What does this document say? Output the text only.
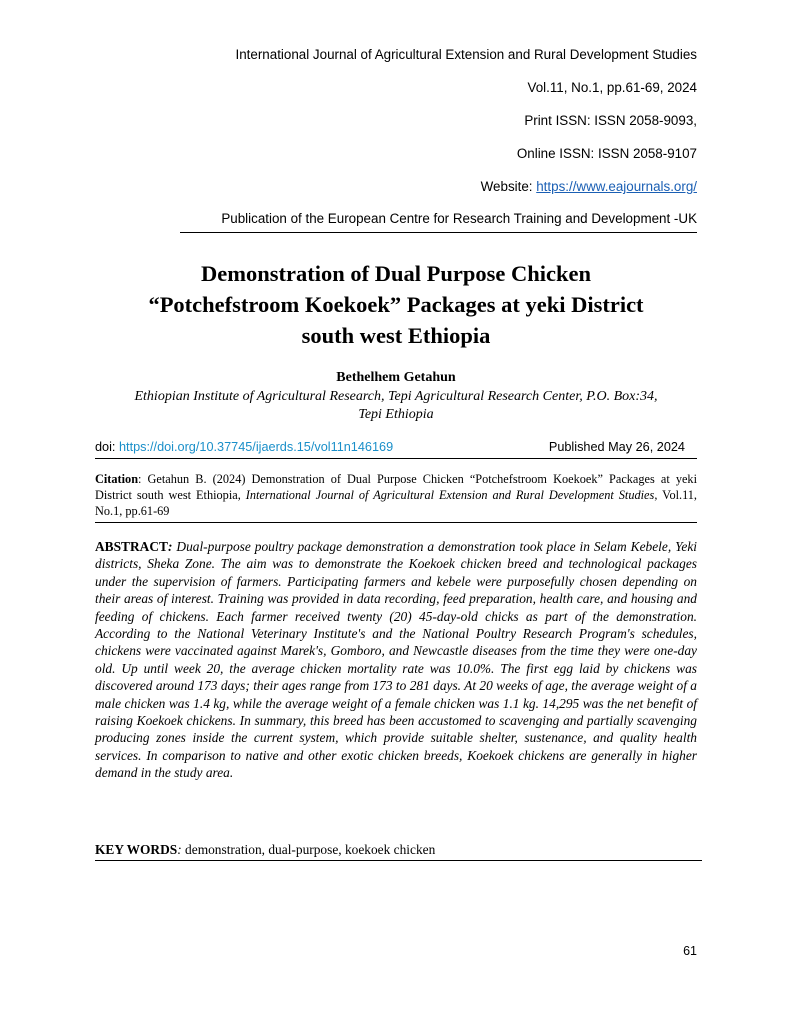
International Journal of Agricultural Extension and Rural Development Studies
Vol.11, No.1, pp.61-69, 2024
Print ISSN: ISSN 2058-9093,
Online ISSN: ISSN 2058-9107
Website: https://www.eajournals.org/
Publication of the European Centre for Research Training and Development -UK
Demonstration of Dual Purpose Chicken
“Potchefstroom Koekoek” Packages at yeki District
south west Ethiopia
Bethelhem Getahun
Ethiopian Institute of Agricultural Research, Tepi Agricultural Research Center, P.O. Box:34,
Tepi Ethiopia
doi: https://doi.org/10.37745/ijaerds.15/vol11n146169	Published May 26, 2024
Citation: Getahun B. (2024) Demonstration of Dual Purpose Chicken “Potchefstroom Koekoek” Packages at yeki District south west Ethiopia, International Journal of Agricultural Extension and Rural Development Studies, Vol.11, No.1, pp.61-69
ABSTRACT: Dual-purpose poultry package demonstration a demonstration took place in Selam Kebele, Yeki districts, Sheka Zone. The aim was to demonstrate the Koekoek chicken breed and technological packages under the supervision of farmers. Participating farmers and kebele were purposefully chosen depending on their areas of interest. Training was provided in data recording, feed preparation, health care, and housing and feeding of chickens. Each farmer received twenty (20) 45-day-old chicks as part of the demonstration. According to the National Veterinary Institute's and the National Poultry Research Program's schedules, chickens were vaccinated against Marek's, Gomboro, and Newcastle diseases from the time they were one-day old. Up until week 20, the average chicken mortality rate was 10.0%. The first egg laid by chickens was discovered around 173 days; their ages range from 173 to 281 days. At 20 weeks of age, the average weight of a male chicken was 1.4 kg, while the average weight of a female chicken was 1.1 kg. 14,295 was the net benefit of raising Koekoek chickens. In summary, this breed has been accustomed to scavenging and partially scavenging producing zones inside the current system, which provide suitable shelter, sustenance, and quality health services. In comparison to native and other exotic chicken breeds, Koekoek chickens are generally in higher demand in the study area.
KEY WORDS: demonstration, dual-purpose, koekoek chicken
61
